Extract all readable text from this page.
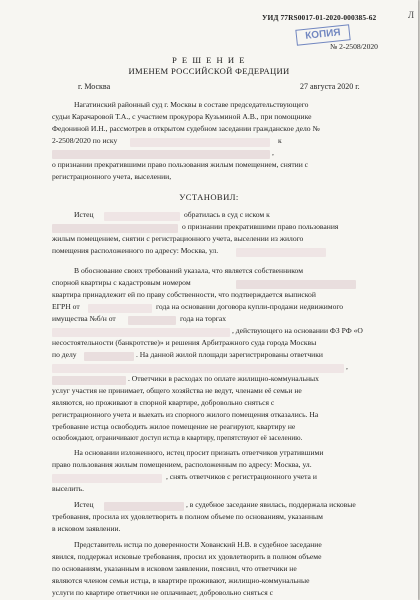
УИД 77RS0017-01-2020-000385-62	Л
КОПИЯ
№ 2-2508/2020
Р Е Ш Е Н И Е
ИМЕНЕМ РОССИЙСКОЙ ФЕДЕРАЦИИ
г. Москва	27 августа 2020 г.
Нагатинский районный суд г. Москвы в составе председательствующего
судьи Карачаровой Т.А., с участием прокурора Кузьминой А.В., при помощнике
Федониной И.Н., рассмотрев в открытом судебном заседании гражданское дело №
2-2508/2020 по иску	к
,
о признании прекратившими право пользования жилым помещением, снятии с
регистрационного учета, выселении,
УСТАНОВИЛ:
Истец	обратилась в суд с иском к
о признании прекратившими право пользования
жилым помещением, снятии с регистрационного учета, выселении из жилого
помещения расположенного по адресу: Москва, ул.
В обоснование своих требований указала, что является собственником
спорной квартиры с кадастровым номером
квартира принадлежит ей по праву собственности, что подтверждается выпиской
ЕГРН от	года на основании договора купли-продажи недвижимого
имущества №б/н от	года на торгах
, действующего на основании ФЗ РФ «О
несостоятельности (банкротстве)» и решения Арбитражного суда города Москвы
по делу	. На данной жилой площади зарегистрированы ответчики
,
. Ответчики в расходах по оплате жилищно-коммунальных
услуг участия не принимает, общего хозяйства не ведут, членами её семьи не
являются, но проживают в спорной квартире, добровольно сняться с
регистрационного учета и выехать из спорного жилого помещения отказались. На
требование истца освободить жилое помещение не реагируют, квартиру не
освобождают, ограничивают доступ истца в квартиру, препятствуют её заселению.
На основании изложенного, истец просит признать ответчиков утратившими
право пользования жилым помещением, расположенным по адресу: Москва, ул.
, снять ответчиков с регистрационного учета и
выселить.
Истец	, в судебное заседание явилась, поддержала исковые
требования, просила их удовлетворить в полном объеме по основаниям, указанным
в исковом заявлении.
Представитель истца по доверенности Хованский Н.В. в судебное заседание
явился, поддержал исковые требования, просил их удовлетворить в полном объеме
по основаниям, указанным в исковом заявлении, пояснил, что ответчики не
являются членом семьи истца, в квартире проживают, жилищно-коммунальные
услуги по квартире ответчики не оплачивает, добровольно сняться с
